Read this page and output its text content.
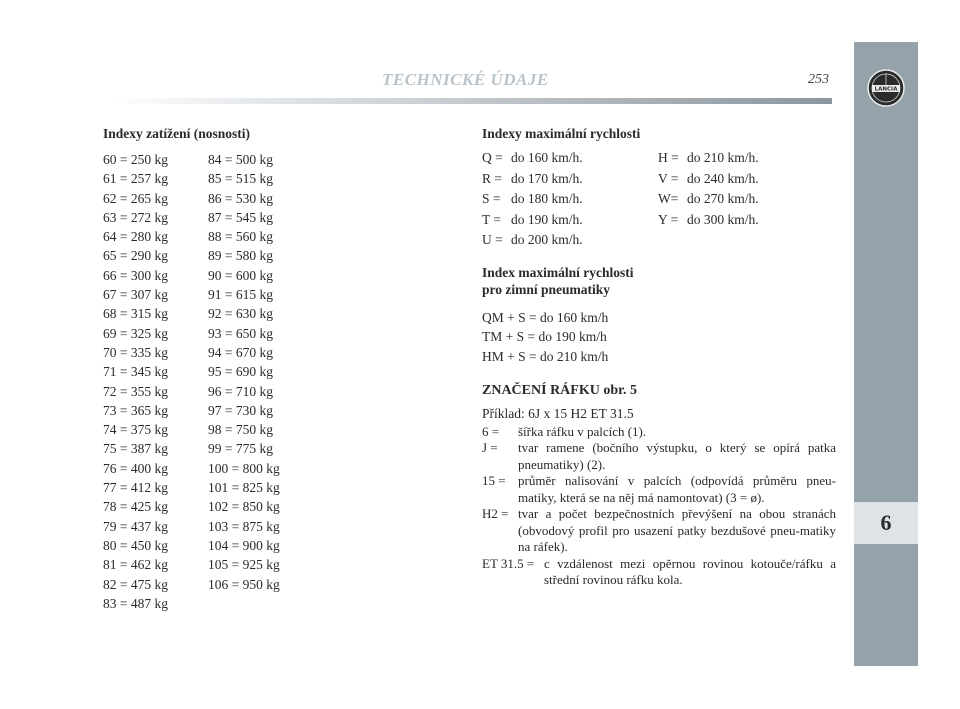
TECHNICKÉ ÚDAJE	253
6
LANCIA
Indexy zatížení (nosnosti)
60 = 250 kg
61 = 257 kg
62 = 265 kg
63 = 272 kg
64 = 280 kg
65 = 290 kg
66 = 300 kg
67 = 307 kg
68 = 315 kg
69 = 325 kg
70 = 335 kg
71 = 345 kg
72 = 355 kg
73 = 365 kg
74 = 375 kg
75 = 387 kg
76 = 400 kg
77 = 412 kg
78 = 425 kg
79 = 437 kg
80 = 450 kg
81 = 462 kg
82 = 475 kg
83 = 487 kg
84 = 500 kg
85 = 515 kg
86 = 530 kg
87 = 545 kg
88 = 560 kg
89 = 580 kg
90 = 600 kg
91 = 615 kg
92 = 630 kg
93 = 650 kg
94 = 670 kg
95 = 690 kg
96 = 710 kg
97 = 730 kg
98 = 750 kg
99 = 775 kg
100 = 800 kg
101 = 825 kg
102 = 850 kg
103 = 875 kg
104 = 900 kg
105 = 925 kg
106 = 950 kg
Indexy maximální rychlosti
Q = do 160 km/h.
R = do 170 km/h.
S = do 180 km/h.
T = do 190 km/h.
U = do 200 km/h.
H = do 210 km/h.
V = do 240 km/h.
W= do 270 km/h.
Y = do 300 km/h.
Index maximální rychlosti
pro zimní pneumatiky
QM + S = do 160 km/h
TM + S = do 190 km/h
HM + S = do 210 km/h
ZNAČENÍ RÁFKU obr. 5
Příklad: 6J x 15 H2 ET 31.5
6 =	šířka ráfku v palcích (1).
J =	tvar ramene (bočního výstupku, o který se opírá patka pneumatiky) (2).
15 = průměr nalisování v palcích (odpovídá průměru pneu-matiky, která se na něj má namontovat) (3 = ø).
H2 = tvar a počet bezpečnostních převýšení na obou stranách (obvodový profil pro usazení patky bezdušové pneu-matiky na ráfek).
ET 31.5 = c vzdálenost mezi opěrnou rovinou kotouče/ráfku a střední rovinou ráfku kola.
